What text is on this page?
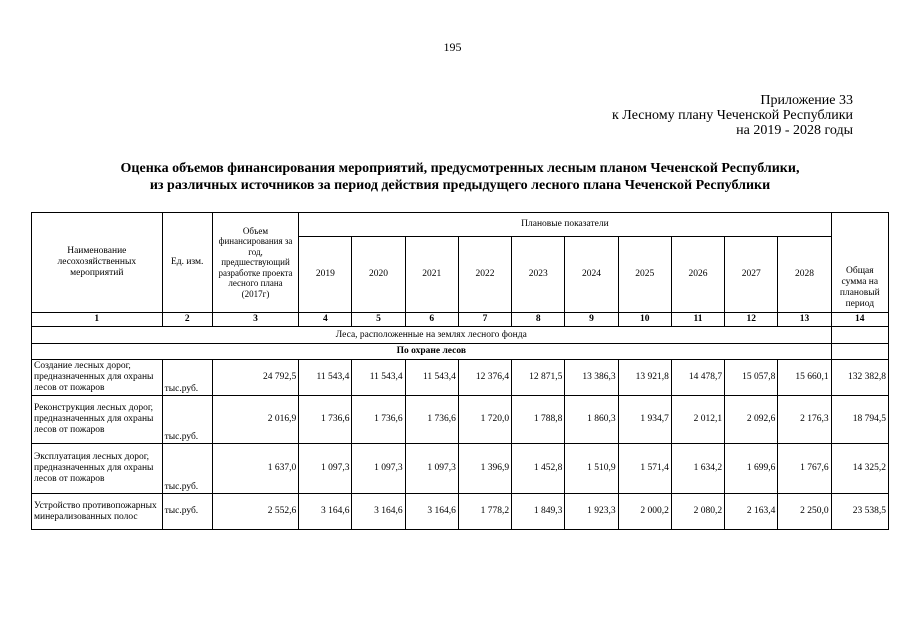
195
Приложение 33
к Лесному плану Чеченской Республики
на 2019 - 2028 годы
Оценка объемов финансирования мероприятий, предусмотренных лесным планом Чеченской Республики,
из различных источников за период действия предыдущего лесного плана Чеченской Республики
Наименование лесохозяйственных мероприятий	Ед. изм.	Объем финансирования за год, предшествующий разработке проекта лесного плана (2017г)	Плановые показатели										Общая сумма на плановый период
			2019	2020	2021	2022	2023	2024	2025	2026	2027	2028	
1	2	3	4	5	6	7	8	9	10	11	12	13	14
Леса, расположенные на землях лесного фонда													
По охране лесов													
Создание лесных дорог, предназначенных для охраны лесов от пожаров	тыс.руб.	24 792,5	11 543,4	11 543,4	11 543,4	12 376,4	12 871,5	13 386,3	13 921,8	14 478,7	15 057,8	15 660,1	132 382,8
Реконструкция лесных дорог, предназначенных для охраны лесов от пожаров	тыс.руб.	2 016,9	1 736,6	1 736,6	1 736,6	1 720,0	1 788,8	1 860,3	1 934,7	2 012,1	2 092,6	2 176,3	18 794,5
Эксплуатация лесных дорог, предназначенных для охраны лесов от пожаров	тыс.руб.	1 637,0	1 097,3	1 097,3	1 097,3	1 396,9	1 452,8	1 510,9	1 571,4	1 634,2	1 699,6	1 767,6	14 325,2
Устройство противопожарных минерализованных полос	тыс.руб.	2 552,6	3 164,6	3 164,6	3 164,6	1 778,2	1 849,3	1 923,3	2 000,2	2 080,2	2 163,4	2 250,0	23 538,5
